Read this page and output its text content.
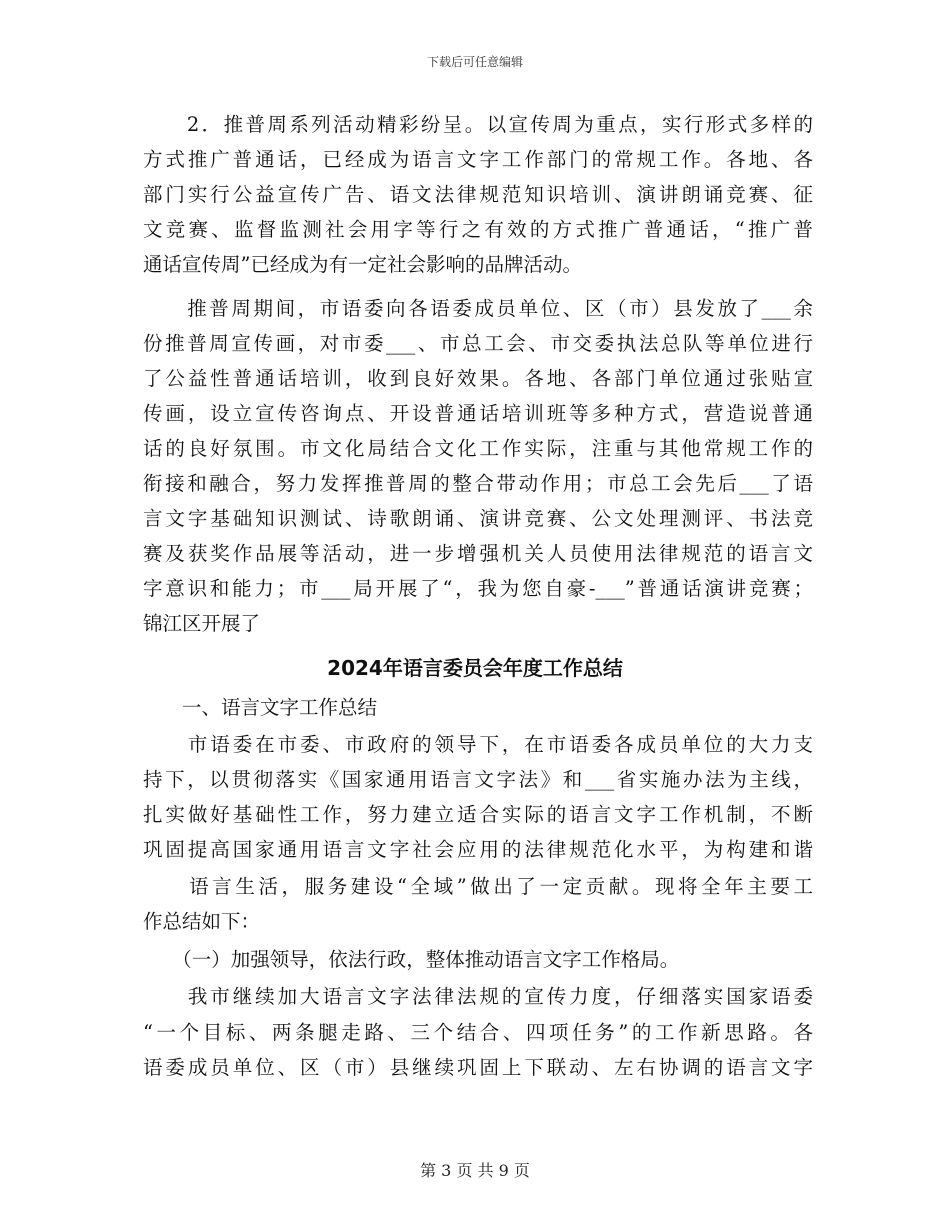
下载后可任意编辑
　　2．推普周系列活动精彩纷呈。以宣传周为重点，实行形式多样的
方式推广普通话，已经成为语言文字工作部门的常规工作。各地、各
部门实行公益宣传广告、语文法律规范知识培训、演讲朗诵竞赛、征
文竞赛、监督监测社会用字等行之有效的方式推广普通话，“推广普
通话宣传周”已经成为有一定社会影响的品牌活动。
　　推普周期间，市语委向各语委成员单位、区（市）县发放了___余
份推普周宣传画，对市委___、市总工会、市交委执法总队等单位进行
了公益性普通话培训，收到良好效果。各地、各部门单位通过张贴宣
传画，设立宣传咨询点、开设普通话培训班等多种方式，营造说普通
话的良好氛围。市文化局结合文化工作实际，注重与其他常规工作的
衔接和融合，努力发挥推普周的整合带动作用；市总工会先后___了语
言文字基础知识测试、诗歌朗诵、演讲竞赛、公文处理测评、书法竞
赛及获奖作品展等活动，进一步增强机关人员使用法律规范的语言文
字意识和能力；市___局开展了“，我为您自豪-___”普通话演讲竞赛；
锦江区开展了
2024年语言委员会年度工作总结
　　一、语言文字工作总结
　　市语委在市委、市政府的领导下，在市语委各成员单位的大力支
持下，以贯彻落实《国家通用语言文字法》和___省实施办法为主线，
扎实做好基础性工作，努力建立适合实际的语言文字工作机制，不断
巩固提高国家通用语言文字社会应用的法律规范化水平，为构建和谐
　　语言生活，服务建设“全域”做出了一定贡献。现将全年主要工
作总结如下：
　　（一）加强领导，依法行政，整体推动语言文字工作格局。
　　我市继续加大语言文字法律法规的宣传力度，仔细落实国家语委
“一个目标、两条腿走路、三个结合、四项任务”的工作新思路。各
语委成员单位、区（市）县继续巩固上下联动、左右协调的语言文字
第 3 页 共 9 页
